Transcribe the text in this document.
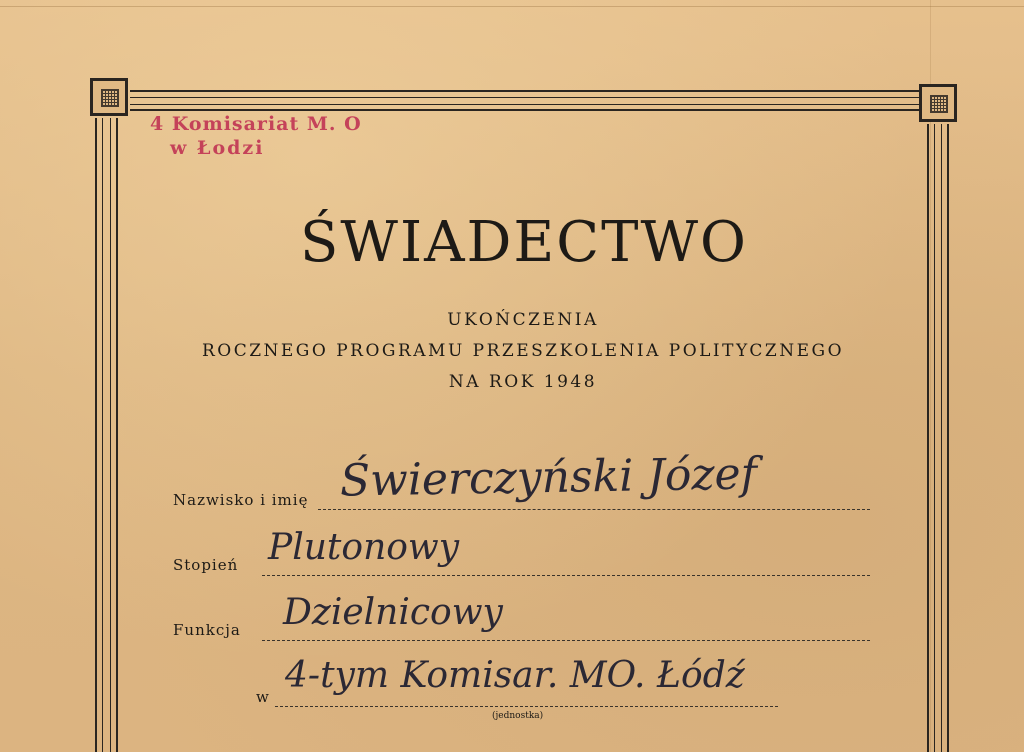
4 Komisariat M. O
w Łodzi
ŚWIADECTWO
UKOŃCZENIA
ROCZNEGO PROGRAMU PRZESZKOLENIA POLITYCZNEGO
NA ROK 1948
Nazwisko i imię Świerczyński Józef
Stopień Plutonowy
Funkcja Dzielnicowy
w
4-tym Komisar. MO. Łódź
(jednostka)
